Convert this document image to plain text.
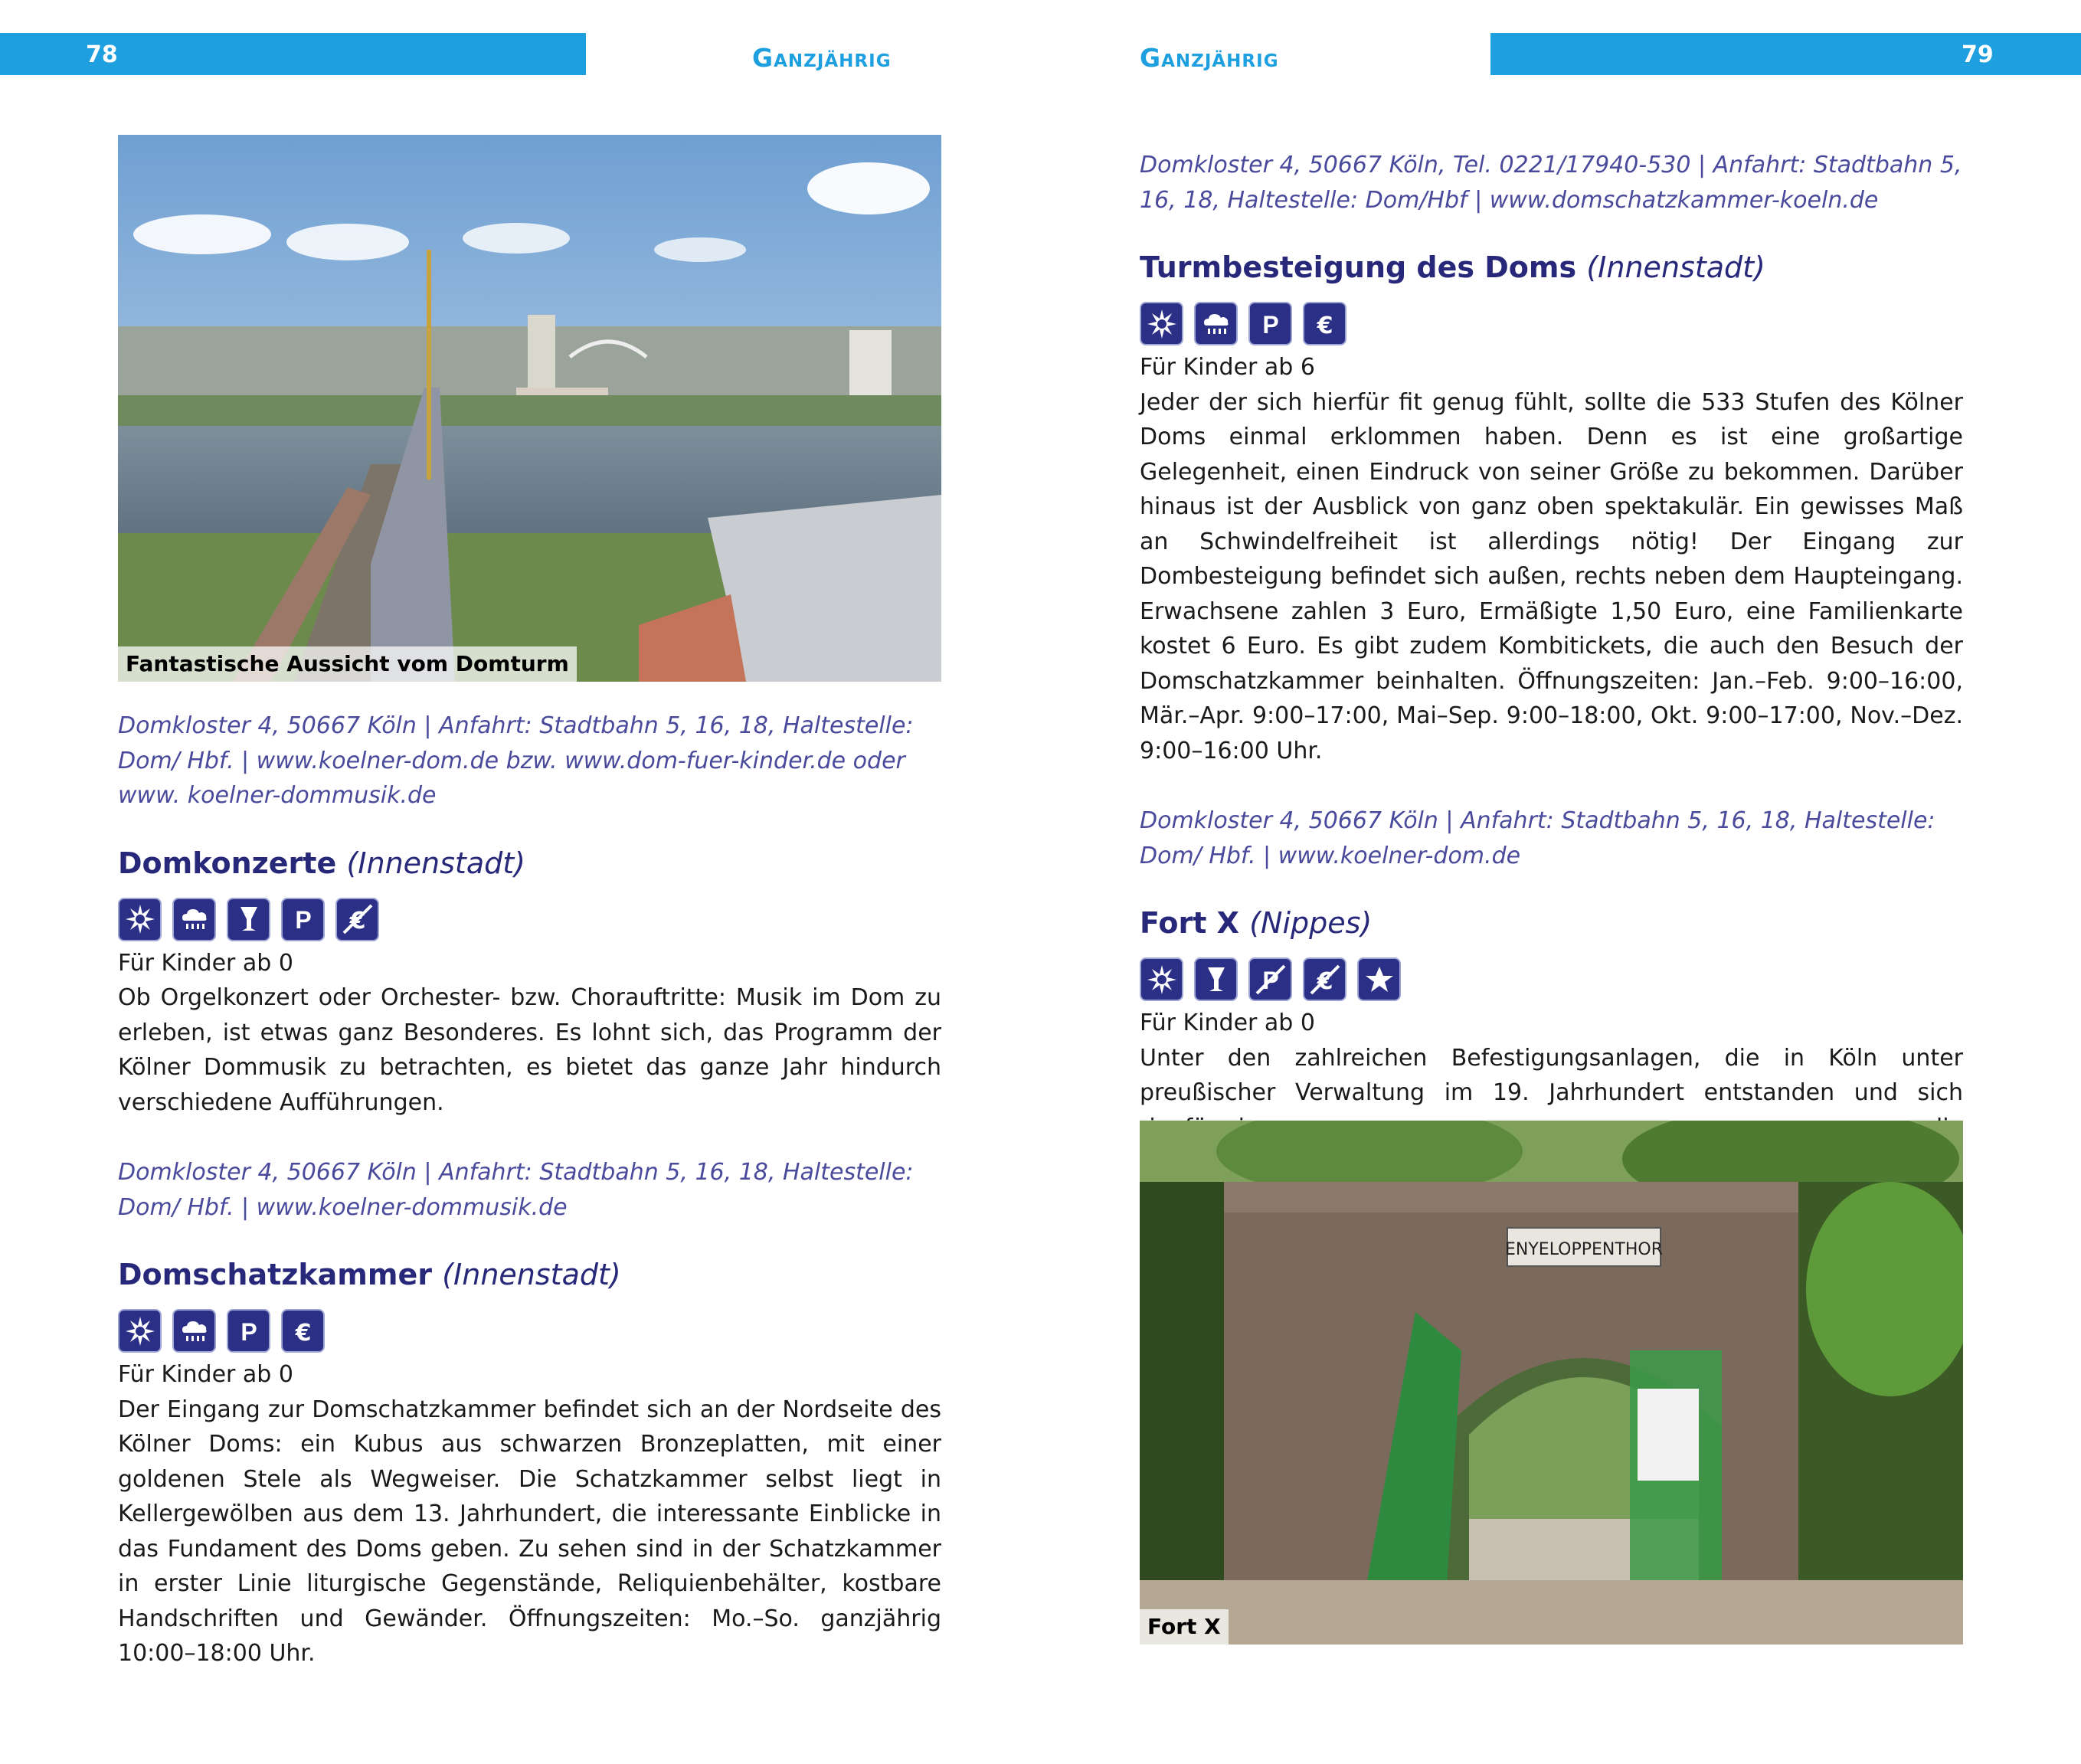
78	Ganzjährig
Fantastische Aussicht vom Domturm

Domkloster 4, 50667 Köln | Anfahrt: Stadtbahn 5, 16, 18, Haltestelle: Dom/ Hbf. | www.koelner-dom.de bzw. www.dom-fuer-kinder.de oder www. koelner-dommusik.de

Domkonzerte (Innenstadt)

Für Kinder ab 0

Ob Orgelkonzert oder Orchester- bzw. Chorauftritte: Musik im Dom zu erleben, ist etwas ganz Besonderes. Es lohnt sich, das Programm der Kölner Dommusik zu betrachten, es bietet das ganze Jahr hindurch verschiedene Aufführungen.

Domkloster 4, 50667 Köln | Anfahrt: Stadtbahn 5, 16, 18, Haltestelle: Dom/ Hbf. | www.koelner-dommusik.de

Domschatzkammer (Innenstadt)

Für Kinder ab 0

Der Eingang zur Domschatzkammer befindet sich an der Nordseite des Kölner Doms: ein Kubus aus schwarzen Bronzeplatten, mit einer goldenen Stele als Wegweiser. Die Schatzkammer selbst liegt in Kellergewölben aus dem 13. Jahrhundert, die interessante Einblicke in das Fundament des Doms geben. Zu sehen sind in der Schatzkammer in erster Linie liturgische Gegenstände, Reliquienbehälter, kostbare Handschriften und Gewänder. Öffnungszeiten: Mo.–So. ganzjährig 10:00–18:00 Uhr.

79
Ganzjährig

Domkloster 4, 50667 Köln, Tel. 0221/17940-530 | Anfahrt: Stadtbahn 5, 16, 18, Haltestelle: Dom/Hbf | www.domschatzkammer-koeln.de

Turmbesteigung des Doms (Innenstadt)

Für Kinder ab 6

Jeder der sich hierfür fit genug fühlt, sollte die 533 Stufen des Kölner Doms einmal erklommen haben. Denn es ist eine großartige Gelegenheit, einen Eindruck von seiner Größe zu bekommen. Darüber hinaus ist der Ausblick von ganz oben spektakulär. Ein gewisses Maß an Schwindelfreiheit ist allerdings nötig! Der Eingang zur Dombesteigung befindet sich außen, rechts neben dem Haupteingang. Erwachsene zahlen 3 Euro, Ermäßigte 1,50 Euro, eine Familienkarte kostet 6 Euro. Es gibt zudem Kombitickets, die auch den Besuch der Domschatzkammer beinhalten. Öffnungszeiten: Jan.–Feb. 9:00–16:00, Mär.–Apr. 9:00–17:00, Mai–Sep. 9:00–18:00, Okt. 9:00–17:00, Nov.–Dez. 9:00–16:00 Uhr.

Domkloster 4, 50667 Köln | Anfahrt: Stadtbahn 5, 16, 18, Haltestelle: Dom/ Hbf. | www.koelner-dom.de

Fort X (Nippes)

Für Kinder ab 0

Unter den zahlreichen Befestigungsanlagen, die in Köln unter preußischer Verwaltung im 19. Jahrhundert entstanden und sich

ENYELOPPENTHOR
Fort X
